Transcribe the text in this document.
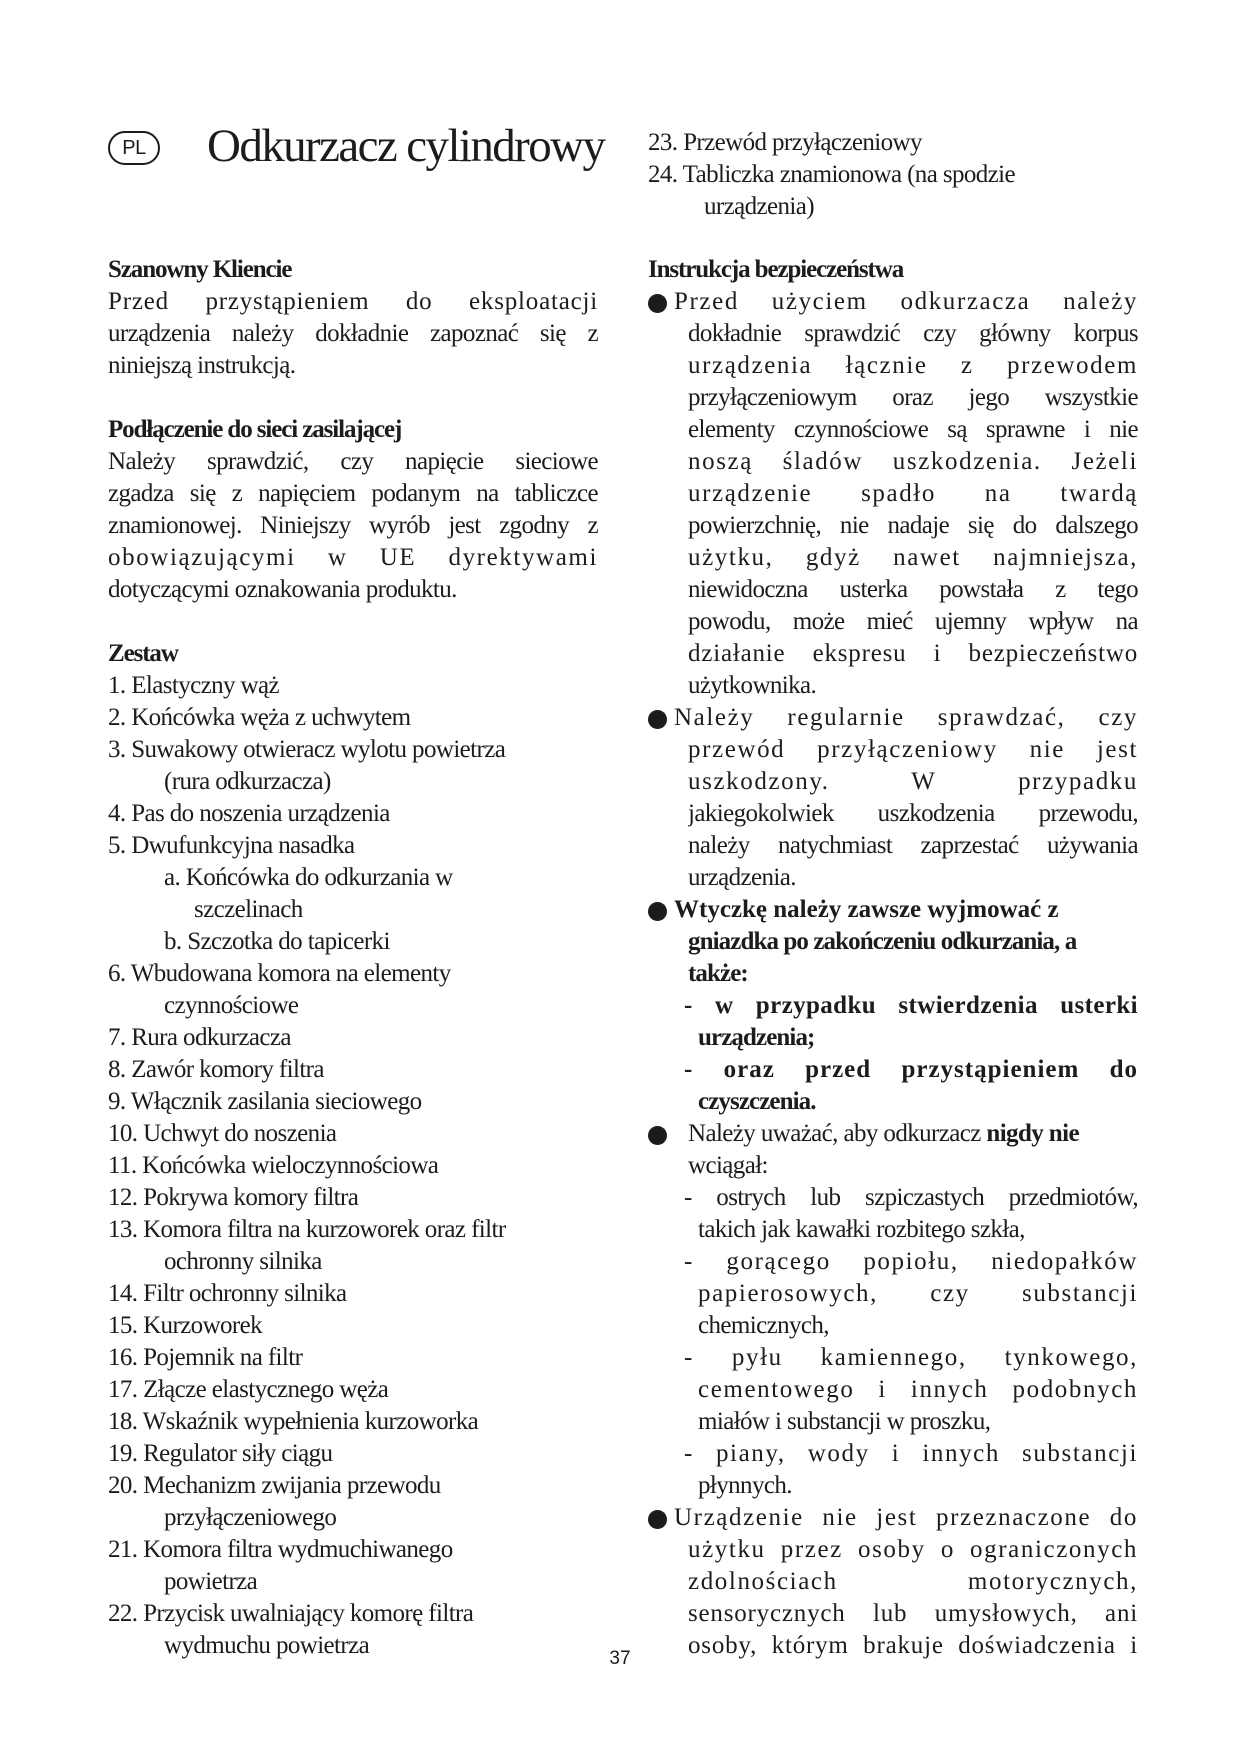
PL	Odkurzacz cylindrowy
Szanowny Kliencie
Przed przystąpieniem do eksploatacji
urządzenia należy dokładnie zapoznać się z
niniejszą instrukcją.
Podłączenie do sieci zasilającej
Należy sprawdzić, czy napięcie sieciowe
zgadza się z napięciem podanym na tabliczce
znamionowej. Niniejszy wyrób jest zgodny z
obowiązującymi w UE dyrektywami
dotyczącymi oznakowania produktu.
Zestaw
1. Elastyczny wąż
2. Końcówka węża z uchwytem
3. Suwakowy otwieracz wylotu powietrza
(rura odkurzacza)
4. Pas do noszenia urządzenia
5. Dwufunkcyjna nasadka
a. Końcówka do odkurzania w
szczelinach
b. Szczotka do tapicerki
6. Wbudowana komora na elementy
czynnościowe
7. Rura odkurzacza
8. Zawór komory filtra
9. Włącznik zasilania sieciowego
10. Uchwyt do noszenia
11. Końcówka wieloczynnościowa
12. Pokrywa komory filtra
13. Komora filtra na kurzoworek oraz filtr
ochronny silnika
14. Filtr ochronny silnika
15. Kurzoworek
16. Pojemnik na filtr
17. Złącze elastycznego węża
18. Wskaźnik wypełnienia kurzoworka
19. Regulator siły ciągu
20. Mechanizm zwijania przewodu
przyłączeniowego
21. Komora filtra wydmuchiwanego
powietrza
22. Przycisk uwalniający komorę filtra
wydmuchu powietrza
23. Przewód przyłączeniowy
24. Tabliczka znamionowa (na spodzie
urządzenia)
Instrukcja bezpieczeństwa
Przed użyciem odkurzacza należy
dokładnie sprawdzić czy główny korpus
urządzenia łącznie z przewodem
przyłączeniowym oraz jego wszystkie
elementy czynnościowe są sprawne i nie
noszą śladów uszkodzenia. Jeżeli
urządzenie spadło na twardą
powierzchnię, nie nadaje się do dalszego
użytku, gdyż nawet najmniejsza,
niewidoczna usterka powstała z tego
powodu, może mieć ujemny wpływ na
działanie ekspresu i bezpieczeństwo
użytkownika.
Należy regularnie sprawdzać, czy
przewód przyłączeniowy nie jest
uszkodzony. W przypadku
jakiegokolwiek uszkodzenia przewodu,
należy natychmiast zaprzestać używania
urządzenia.
Wtyczkę należy zawsze wyjmować z
gniazdka po zakończeniu odkurzania, a
także:
- w przypadku stwierdzenia usterki
urządzenia;
- oraz przed przystąpieniem do
czyszczenia.
Należy uważać, aby odkurzacz nigdy nie
wciągał:
- ostrych lub szpiczastych przedmiotów,
takich jak kawałki rozbitego szkła,
- gorącego popiołu, niedopałków
papierosowych, czy substancji
chemicznych,
- pyłu kamiennego, tynkowego,
cementowego i innych podobnych
miałów i substancji w proszku,
- piany, wody i innych substancji
płynnych.
Urządzenie nie jest przeznaczone do
użytku przez osoby o ograniczonych
zdolnościach motorycznych,
sensorycznych lub umysłowych, ani
osoby, którym brakuje doświadczenia i
37
